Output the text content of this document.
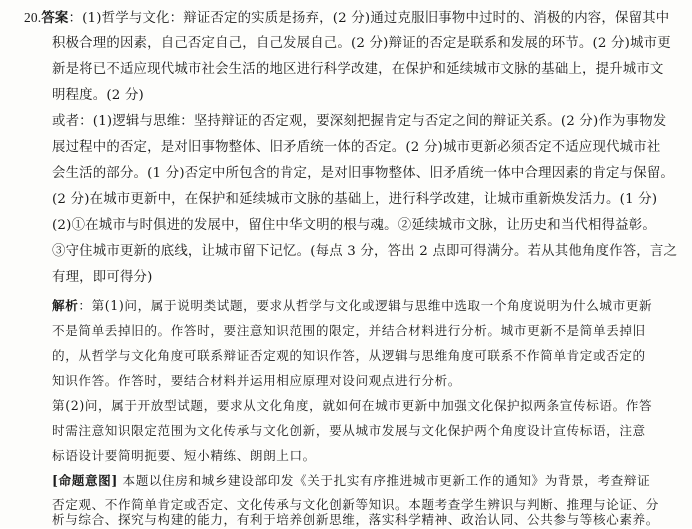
20.答案：(1)哲学与文化：辩证否定的实质是扬弃，(2 分)通过克服旧事物中过时的、消极的内容，保留其中
积极合理的因素，自己否定自己，自己发展自己。(2 分)辩证的否定是联系和发展的环节。(2 分)城市更
新是将已不适应现代城市社会生活的地区进行科学改建，在保护和延续城市文脉的基础上，提升城市文
明程度。(2 分)
或者：(1)逻辑与思维：坚持辩证的否定观，要深刻把握肯定与否定之间的辩证关系。(2 分)作为事物发
展过程中的否定，是对旧事物整体、旧矛盾统一体的否定。(2 分)城市更新必须否定不适应现代城市社
会生活的部分。(1 分)否定中所包含的肯定，是对旧事物整体、旧矛盾统一体中合理因素的肯定与保留。
(2 分)在城市更新中，在保护和延续城市文脉的基础上，进行科学改建，让城市重新焕发活力。(1 分)
(2)①在城市与时俱进的发展中，留住中华文明的根与魂。②延续城市文脉，让历史和当代相得益彰。
③守住城市更新的底线，让城市留下记忆。(每点 3 分，答出 2 点即可得满分。若从其他角度作答，言之
有理，即可得分)
解析：第(1)问，属于说明类试题，要求从哲学与文化或逻辑与思维中选取一个角度说明为什么城市更新
不是简单丢掉旧的。作答时，要注意知识范围的限定，并结合材料进行分析。城市更新不是简单丢掉旧
的，从哲学与文化角度可联系辩证否定观的知识作答，从逻辑与思维角度可联系不作简单肯定或否定的
知识作答。作答时，要结合材料并运用相应原理对设问观点进行分析。
第(2)问，属于开放型试题，要求从文化角度，就如何在城市更新中加强文化保护拟两条宣传标语。作答
时需注意知识限定范围为文化传承与文化创新，要从城市发展与文化保护两个角度设计宣传标语，注意
标语设计要简明扼要、短小精练、朗朗上口。
[命题意图] 本题以住房和城乡建设部印发《关于扎实有序推进城市更新工作的通知》为背景，考查辩证
否定观、不作简单肯定或否定、文化传承与文化创新等知识。本题考查学生辨识与判断、推理与论证、分
析与综合、探究与构建的能力，有利于培养创新思维，落实科学精神、政治认同、公共参与等核心素养。
